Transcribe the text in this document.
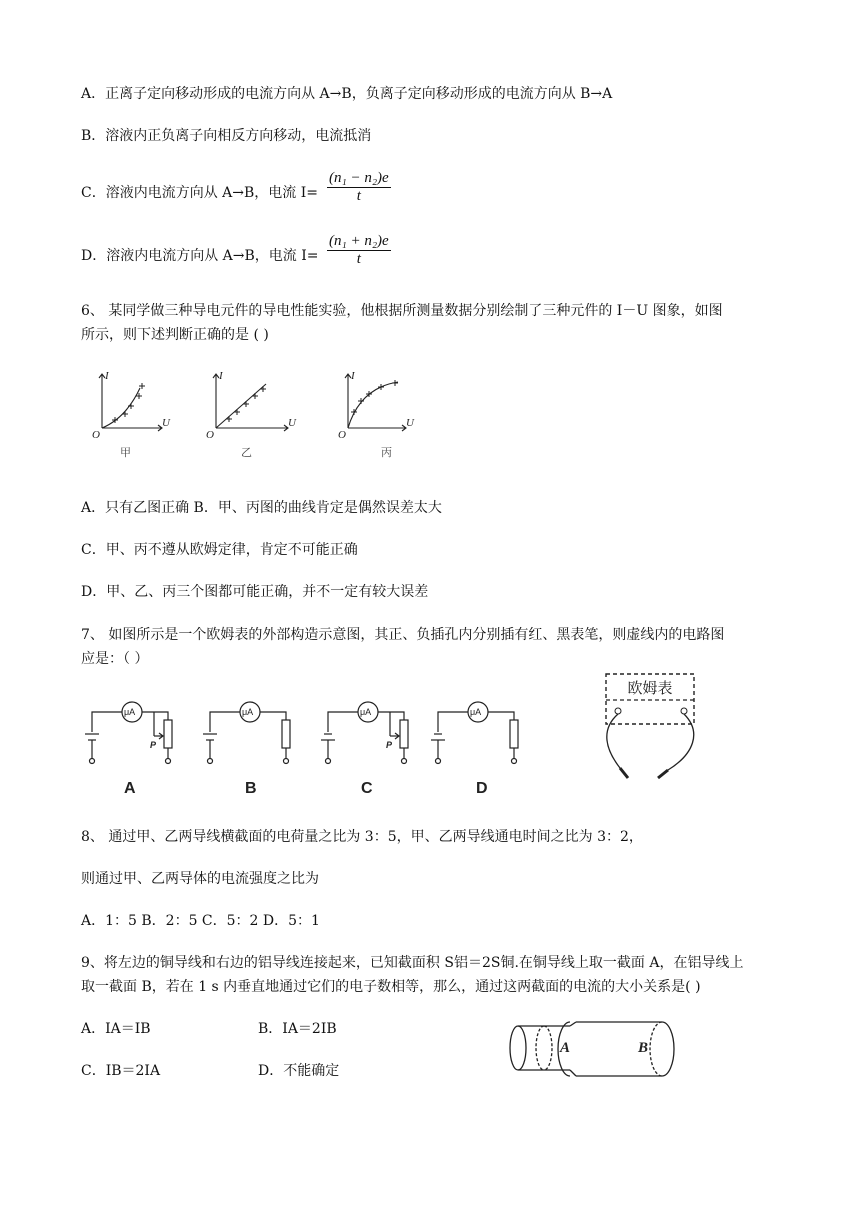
A．正离子定向移动形成的电流方向从 A→B，负离子定向移动形成的电流方向从 B→A
B．溶液内正负离子向相反方向移动，电流抵消
C．溶液内电流方向从 A→B，电流 $I= \frac{\text{(n₁ − n₂)e}}{t}$
D．溶液内电流方向从 A→B，电流 $I= \frac{\text{(n₁ + n₂)e}}{t}$
6、 某同学做三种导电元件的导电性能实验，他根据所测量数据分别绘制了三种元件的 I－U 图象，如图
所示，则下述判断正确的是 ( )
I
U
O
I
U
O
I
U
O
甲	乙	丙
A．只有乙图正确 B．甲、丙图的曲线肯定是偶然误差太大
C．甲、丙不遵从欧姆定律，肯定不可能正确
D．甲、乙、丙三个图都可能正确，并不一定有较大误差
7、 如图所示是一个欧姆表的外部构造示意图，其正、负插孔内分别插有红、黑表笔，则虚线内的电路图
应是：（ ）
μA	μA	μA	μA
P	P
A	B	C	D
欧姆表
8、 通过甲、乙两导线横截面的电荷量之比为 3：5，甲、乙两导线通电时间之比为 3：2，
则通过甲、乙两导体的电流强度之比为
A．1：5 B．2：5 C．5：2 D．5：1
9、将左边的铜导线和右边的铝导线连接起来，已知截面积 S铝＝2S铜.在铜导线上取一截面 A，在铝导线上
取一截面 B，若在 1 s 内垂直地通过它们的电子数相等，那么，通过这两截面的电流的大小关系是( )
A．IA＝IB	B．IA＝2IB
C．IB＝2IA	D．不能确定
A	B
